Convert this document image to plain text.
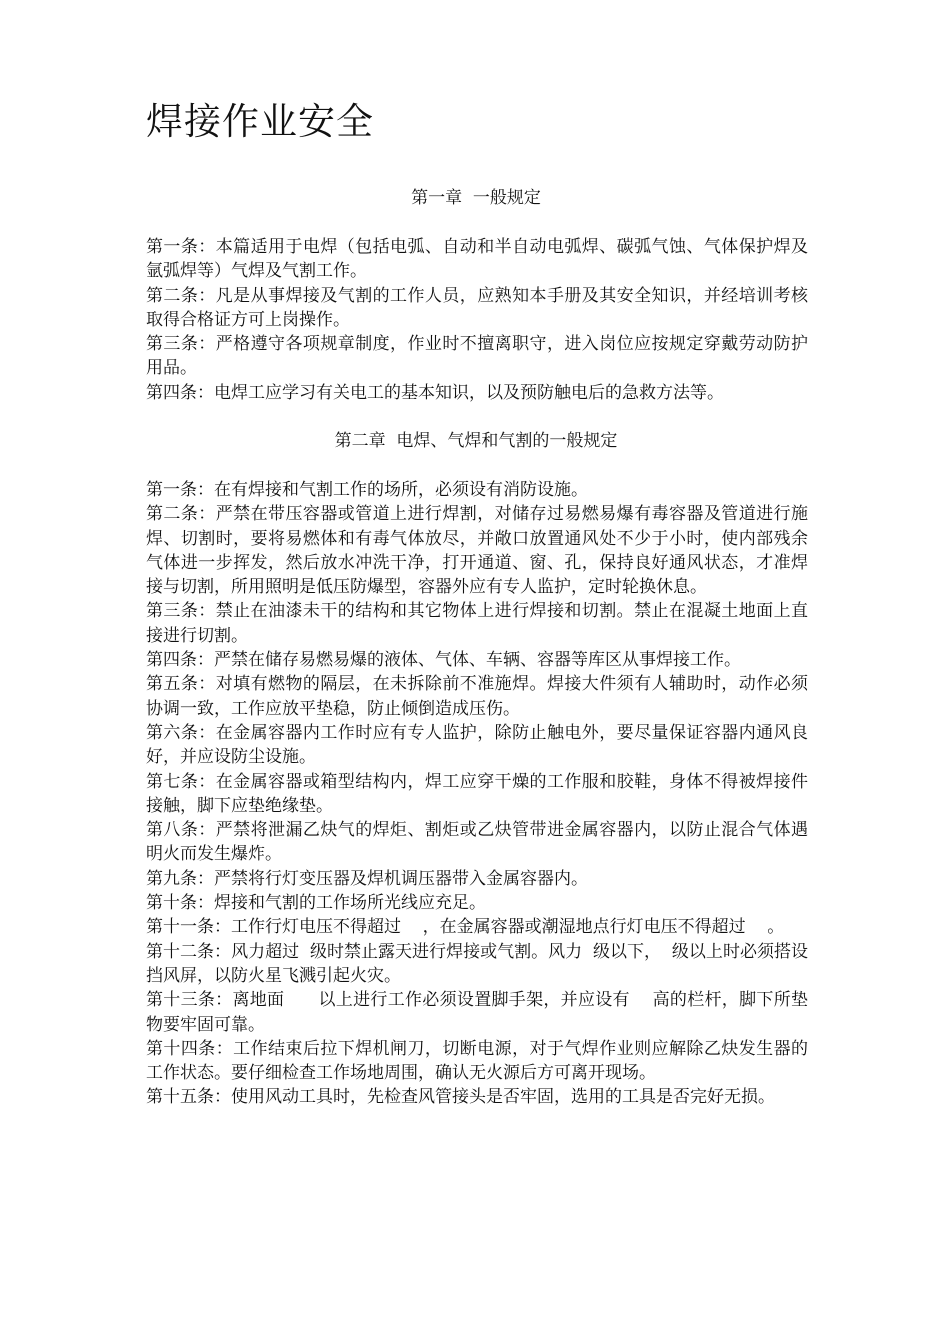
焊接作业安全
第一章  一般规定

第一条：本篇适用于电焊（包括电弧、自动和半自动电弧焊、碳弧气蚀、气体保护焊及氩弧焊等）气焊及气割工作。

第二条：凡是从事焊接及气割的工作人员，应熟知本手册及其安全知识，并经培训考核取得合格证方可上岗操作。

第三条：严格遵守各项规章制度，作业时不擅离职守，进入岗位应按规定穿戴劳动防护用品。

第四条：电焊工应学习有关电工的基本知识，以及预防触电后的急救方法等。

第二章  电焊、气焊和气割的一般规定

第一条：在有焊接和气割工作的场所，必须设有消防设施。

第二条：严禁在带压容器或管道上进行焊割，对储存过易燃易爆有毒容器及管道进行施焊、切割时，要将易燃体和有毒气体放尽，并敞口放置通风处不少于小时，使内部残余气体进一步挥发，然后放水冲洗干净，打开通道、窗、孔，保持良好通风状态，才准焊接与切割，所用照明是低压防爆型，容器外应有专人监护，定时轮换休息。

第三条：禁止在油漆未干的结构和其它物体上进行焊接和切割。禁止在混凝土地面上直接进行切割。

第四条：严禁在储存易燃易爆的液体、气体、车辆、容器等库区从事焊接工作。

第五条：对填有燃物的隔层，在未拆除前不准施焊。焊接大件须有人辅助时，动作必须协调一致，工作应放平垫稳，防止倾倒造成压伤。

第六条：在金属容器内工作时应有专人监护，除防止触电外，要尽量保证容器内通风良好，并应设防尘设施。

第七条：在金属容器或箱型结构内，焊工应穿干燥的工作服和胶鞋，身体不得被焊接件接触，脚下应垫绝缘垫。

第八条：严禁将泄漏乙炔气的焊炬、割炬或乙炔管带进金属容器内，以防止混合气体遇明火而发生爆炸。

第九条：严禁将行灯变压器及焊机调压器带入金属容器内。

第十条：焊接和气割的工作场所光线应充足。

第十一条：工作行灯电压不得超过    ，在金属容器或潮湿地点行灯电压不得超过    。

第十二条：风力超过  级时禁止露天进行焊接或气割。风力  级以下，  级以上时必须搭设挡风屏，以防火星飞溅引起火灾。

第十三条：离地面      以上进行工作必须设置脚手架，并应设有    高的栏杆，脚下所垫物要牢固可靠。

第十四条：工作结束后拉下焊机闸刀，切断电源，对于气焊作业则应解除乙炔发生器的工作状态。要仔细检查工作场地周围，确认无火源后方可离开现场。

第十五条：使用风动工具时，先检查风管接头是否牢固，选用的工具是否完好无损。
